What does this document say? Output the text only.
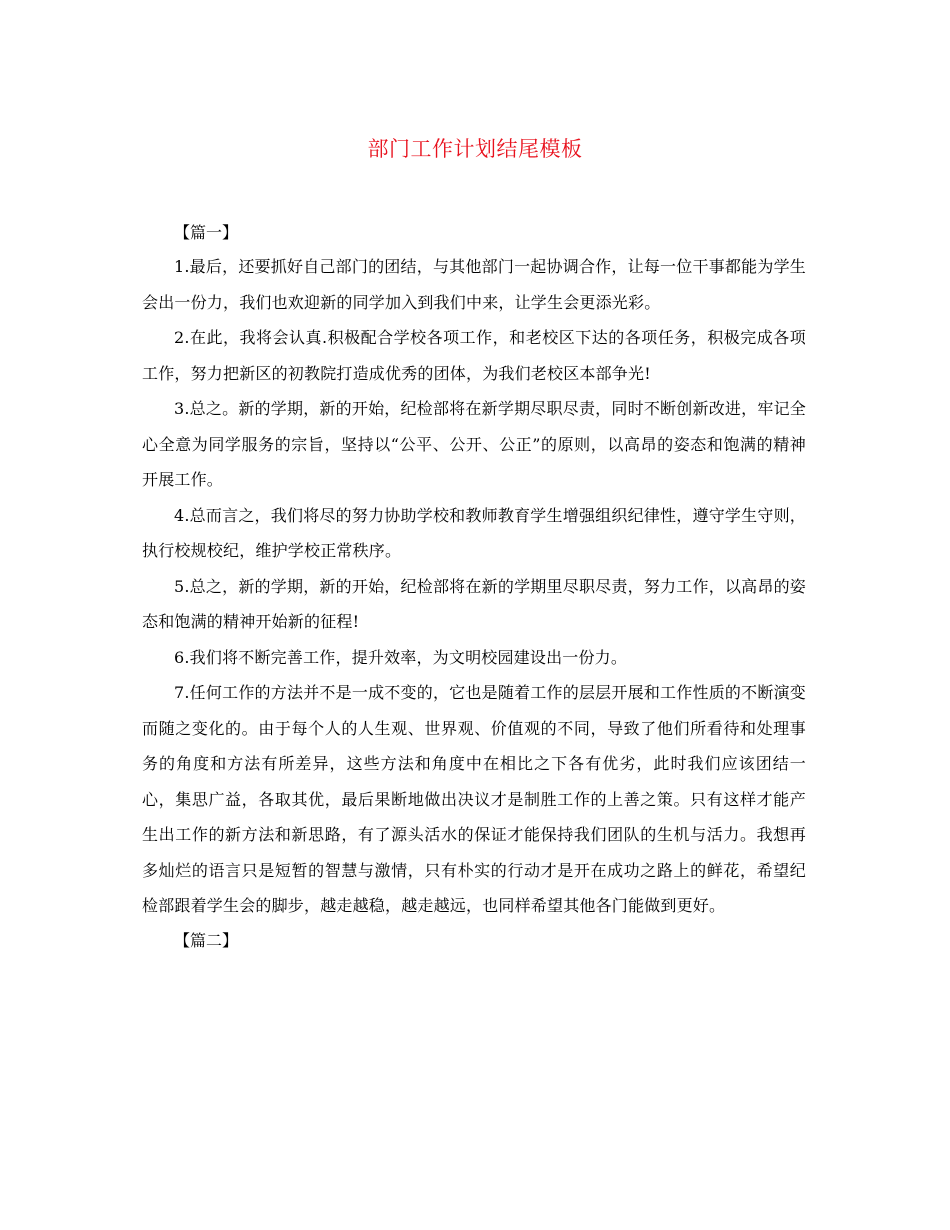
部门工作计划结尾模板
【篇一】

1.最后，还要抓好自己部门的团结，与其他部门一起协调合作，让每一位干事都能为学生会出一份力，我们也欢迎新的同学加入到我们中来，让学生会更添光彩。

2.在此，我将会认真.积极配合学校各项工作，和老校区下达的各项任务，积极完成各项工作，努力把新区的初教院打造成优秀的团体，为我们老校区本部争光!

3.总之。新的学期，新的开始，纪检部将在新学期尽职尽责，同时不断创新改进，牢记全心全意为同学服务的宗旨，坚持以“公平、公开、公正”的原则，以高昂的姿态和饱满的精神开展工作。

4.总而言之，我们将尽的努力协助学校和教师教育学生增强组织纪律性，遵守学生守则，执行校规校纪，维护学校正常秩序。

5.总之，新的学期，新的开始，纪检部将在新的学期里尽职尽责，努力工作，以高昂的姿态和饱满的精神开始新的征程!

6.我们将不断完善工作，提升效率，为文明校园建设出一份力。

7.任何工作的方法并不是一成不变的，它也是随着工作的层层开展和工作性质的不断演变而随之变化的。由于每个人的人生观、世界观、价值观的不同，导致了他们所看待和处理事务的角度和方法有所差异，这些方法和角度中在相比之下各有优劣，此时我们应该团结一心，集思广益，各取其优，最后果断地做出决议才是制胜工作的上善之策。只有这样才能产生出工作的新方法和新思路，有了源头活水的保证才能保持我们团队的生机与活力。我想再多灿烂的语言只是短暂的智慧与激情，只有朴实的行动才是开在成功之路上的鲜花，希望纪检部跟着学生会的脚步，越走越稳，越走越远，也同样希望其他各门能做到更好。

【篇二】
